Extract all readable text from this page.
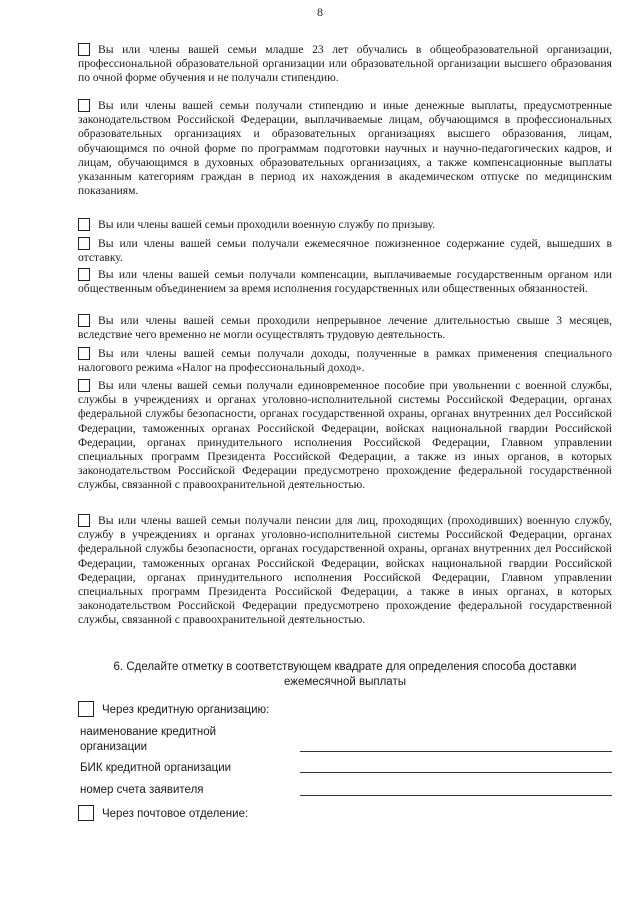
8

Вы или члены вашей семьи младше 23 лет обучались в общеобразовательной организации, профессиональной образовательной организации или образовательной организации высшего образования по очной форме обучения и не получали стипендию.

Вы или члены вашей семьи получали стипендию и иные денежные выплаты, предусмотренные законодательством Российской Федерации, выплачиваемые лицам, обучающимся в профессиональных образовательных организациях и образовательных организациях высшего образования, лицам, обучающимся по очной форме по программам подготовки научных и научно-педагогических кадров, и лицам, обучающимся в духовных образовательных организациях, а также компенсационные выплаты указанным категориям граждан в период их нахождения в академическом отпуске по медицинским показаниям.

Вы или члены вашей семьи проходили военную службу по призыву.

Вы или члены вашей семьи получали ежемесячное пожизненное содержание судей, вышедших в отставку.

Вы или члены вашей семьи получали компенсации, выплачиваемые государственным органом или общественным объединением за время исполнения государственных или общественных обязанностей.

Вы или члены вашей семьи проходили непрерывное лечение длительностью свыше 3 месяцев, вследствие чего временно не могли осуществлять трудовую деятельность.

Вы или члены вашей семьи получали доходы, полученные в рамках применения специального налогового режима «Налог на профессиональный доход».

Вы или члены вашей семьи получали единовременное пособие при увольнении с военной службы, службы в учреждениях и органах уголовно-исполнительной системы Российской Федерации, органах федеральной службы безопасности, органах государственной охраны, органах внутренних дел Российской Федерации, таможенных органах Российской Федерации, войсках национальной гвардии Российской Федерации, органах принудительного исполнения Российской Федерации, Главном управлении специальных программ Президента Российской Федерации, а также из иных органов, в которых законодательством Российской Федерации предусмотрено прохождение федеральной государственной службы, связанной с правоохранительной деятельностью.

Вы или члены вашей семьи получали пенсии для лиц, проходящих (проходивших) военную службу, службу в учреждениях и органах уголовно-исполнительной системы Российской Федерации, органах федеральной службы безопасности, органах государственной охраны, органах внутренних дел Российской Федерации, таможенных органах Российской Федерации, войсках национальной гвардии Российской Федерации, органах принудительного исполнения Российской Федерации, Главном управлении специальных программ Президента Российской Федерации, а также в иных органах, в которых законодательством Российской Федерации предусмотрено прохождение федеральной государственной службы, связанной с правоохранительной деятельностью.

6. Сделайте отметку в соответствующем квадрате для определения способа доставки ежемесячной выплаты
Через кредитную организацию:
наименование кредитной организации
БИК кредитной организации
номер счета заявителя
Через почтовое отделение:
